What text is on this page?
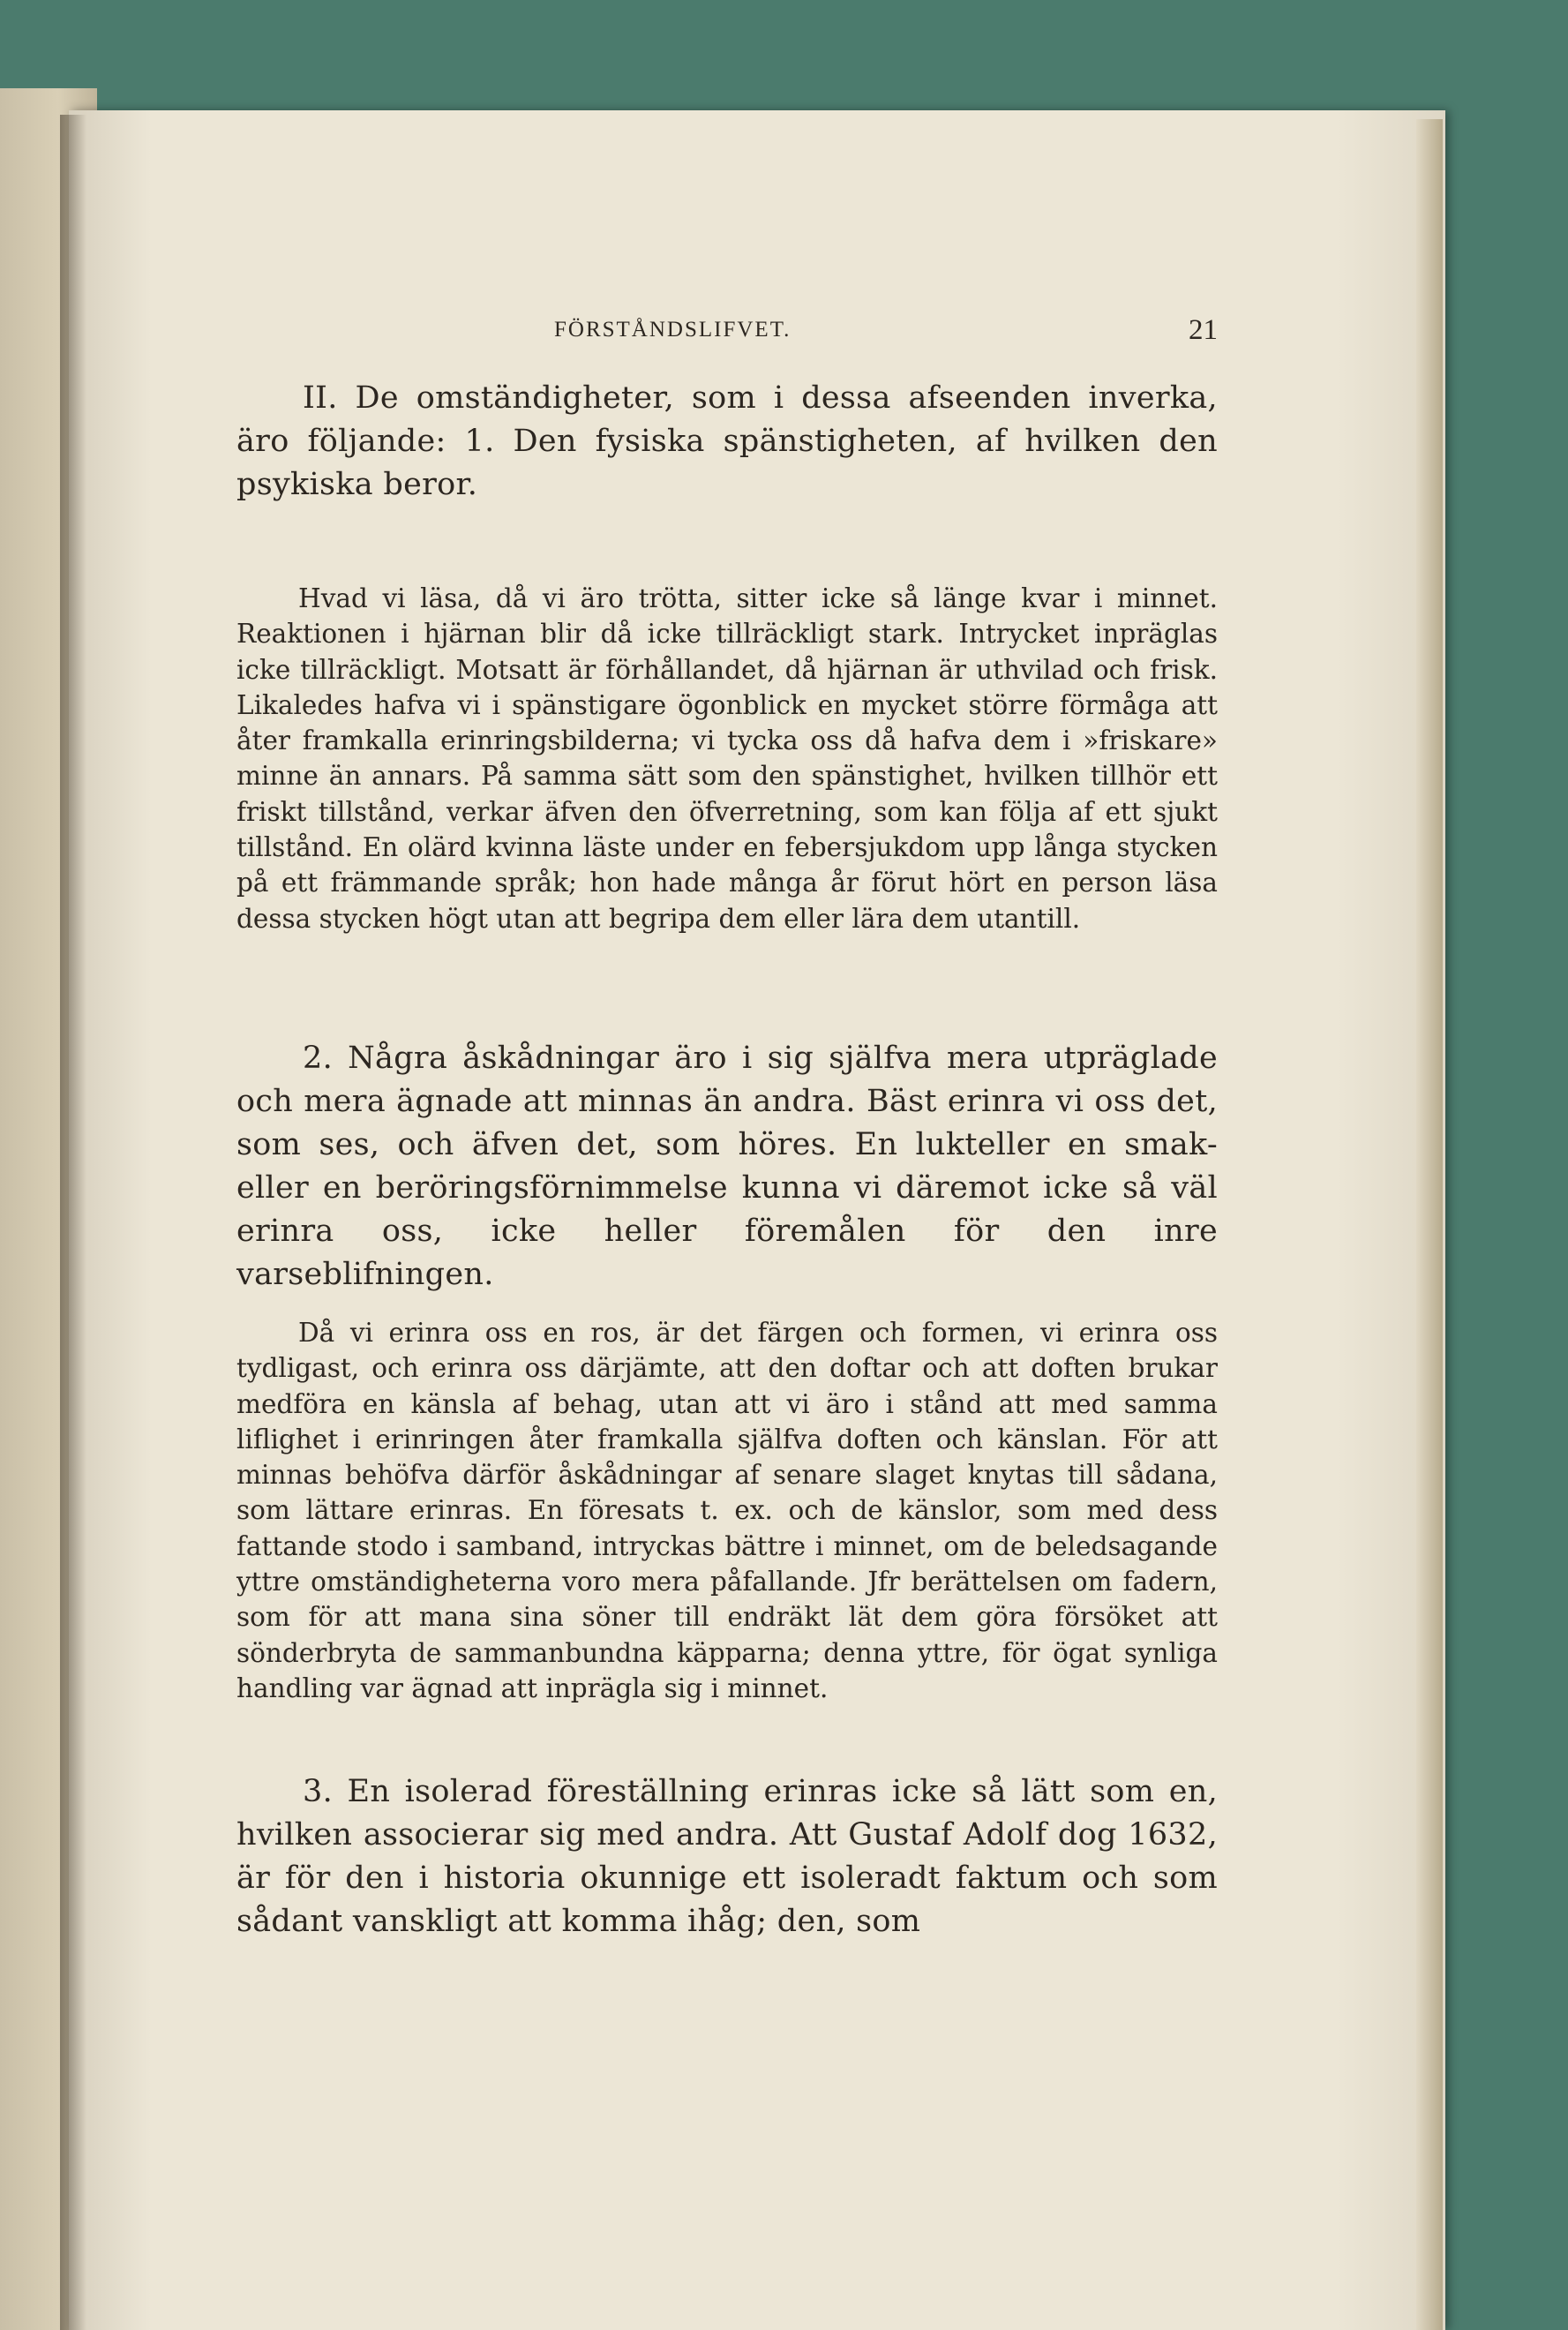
FÖRSTÅNDSLIFVET.	21

II. De omständigheter, som i dessa afseenden inverka, äro följande: 1. Den fysiska spänstigheten, af hvilken den psykiska beror.

Hvad vi läsa, då vi äro trötta, sitter icke så länge kvar i minnet. Reaktionen i hjärnan blir då icke tillräckligt stark. Intrycket inpräglas icke tillräckligt. Motsatt är förhållandet, då hjärnan är uthvilad och frisk. Likaledes hafva vi i spänstigare ögonblick en mycket större förmåga att åter framkalla erinringsbilderna; vi tycka oss då hafva dem i »friskare» minne än annars. På samma sätt som den spänstighet, hvilken tillhör ett friskt tillstånd, verkar äfven den öfverretning, som kan följa af ett sjukt tillstånd. En olärd kvinna läste under en febersjukdom upp långa stycken på ett främmande språk; hon hade många år förut hört en person läsa dessa stycken högt utan att begripa dem eller lära dem utantill.

2. Några åskådningar äro i sig själfva mera utpräglade och mera ägnade att minnas än andra. Bäst erinra vi oss det, som ses, och äfven det, som höres. En lukteller en smak- eller en beröringsförnimmelse kunna vi däremot icke så väl erinra oss, icke heller föremålen för den inre varseblifningen.

Då vi erinra oss en ros, är det färgen och formen, vi erinra oss tydligast, och erinra oss därjämte, att den doftar och att doften brukar medföra en känsla af behag, utan att vi äro i stånd att med samma liflighet i erinringen åter framkalla själfva doften och känslan. För att minnas behöfva därför åskådningar af senare slaget knytas till sådana, som lättare erinras. En föresats t. ex. och de känslor, som med dess fattande stodo i samband, intryckas bättre i minnet, om de beledsagande yttre omständigheterna voro mera påfallande. Jfr berättelsen om fadern, som för att mana sina söner till endräkt lät dem göra försöket att sönderbryta de sammanbundna käpparna; denna yttre, för ögat synliga handling var ägnad att inprägla sig i minnet.

3. En isolerad föreställning erinras icke så lätt som en, hvilken associerar sig med andra. Att Gustaf Adolf dog 1632, är för den i historia okunnige ett isoleradt faktum och som sådant vanskligt att komma ihåg; den, som
